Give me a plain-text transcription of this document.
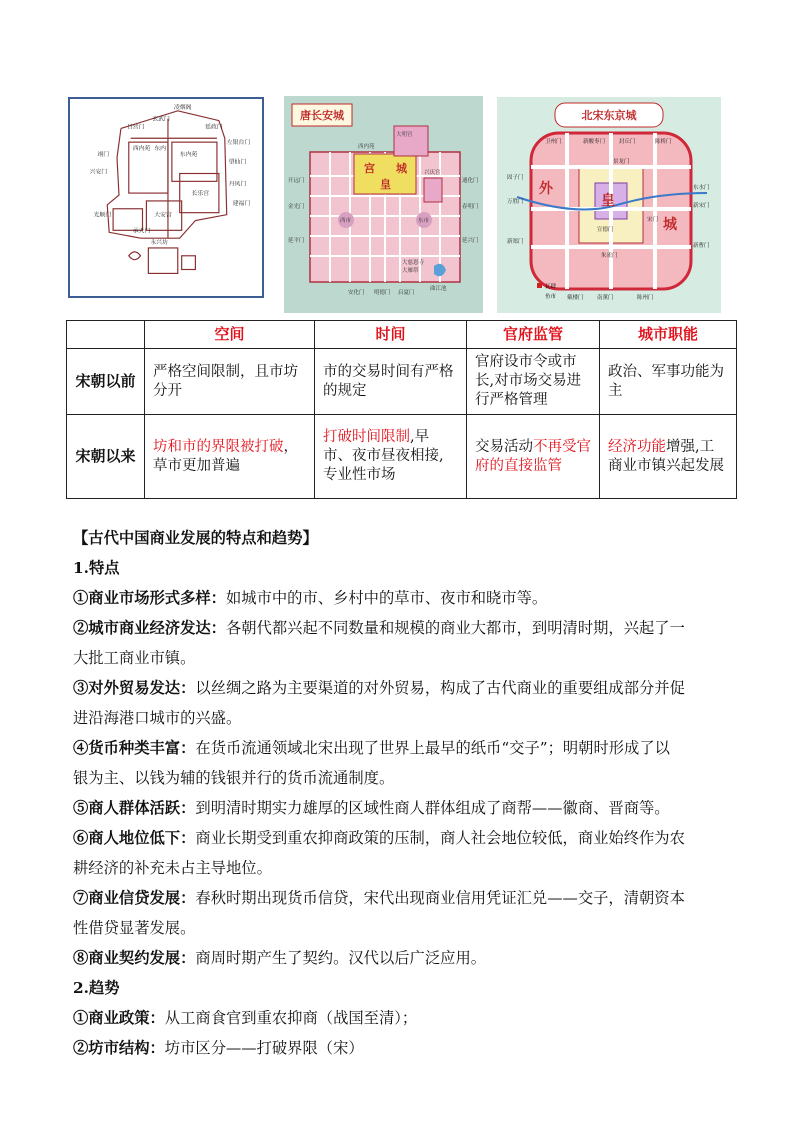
凌烟阁
玄武门
日营门	延政门
翊门
左银台门
望仙门
丹凤门
建福门
兴安门
光顺门
西内苑 东内
东内苑
长乐宫
大安宫
承天门
永兴坊
唐长安城
宫 城
皇
大明宫
西内苑
兴庆宫
西市	东市
曲江池
开远门
金光门
延平门
通化门
春明门
延兴门
安化门 明德门 启夏门
大慈恩寺
大雁塔
北宋东京城
外
城
皇
卫州门	新酸枣门	封丘门	陈桥门
固子门
万胜门
新郑门
景龙门
宋门
东水门
新宋门
新曹门
南薰门
戴楼门	陈州门
宣德门
朱雀门
瓦肆
鱼市
	空间	时间	官府监管	城市职能
宋朝以前	严格空间限制，且市坊分开	市的交易时间有严格的规定	官府设市令或市长,对市场交易进行严格管理	政治、军事功能为主
宋朝以来	坊和市的界限被打破，草市更加普遍	打破时间限制,早市、夜市昼夜相接,专业性市场	交易活动不再受官府的直接监管	经济功能增强,工商业市镇兴起发展
【古代中国商业发展的特点和趋势】
1.特点
①商业市场形式多样：如城市中的市、乡村中的草市、夜市和晓市等。
②城市商业经济发达：各朝代都兴起不同数量和规模的商业大都市，到明清时期，兴起了一
大批工商业市镇。
③对外贸易发达：以丝绸之路为主要渠道的对外贸易，构成了古代商业的重要组成部分并促
进沿海港口城市的兴盛。
④货币种类丰富：在货币流通领域北宋出现了世界上最早的纸币“交子”；明朝时形成了以
银为主、以钱为辅的钱银并行的货币流通制度。
⑤商人群体活跃：到明清时期实力雄厚的区域性商人群体组成了商帮——徽商、晋商等。
⑥商人地位低下：商业长期受到重农抑商政策的压制，商人社会地位较低，商业始终作为农
耕经济的补充未占主导地位。
⑦商业信贷发展：春秋时期出现货币信贷，宋代出现商业信用凭证汇兑——交子，清朝资本
性借贷显著发展。
⑧商业契约发展：商周时期产生了契约。汉代以后广泛应用。
2.趋势
①商业政策：从工商食官到重农抑商（战国至清）；
②坊市结构：坊市区分——打破界限（宋）
